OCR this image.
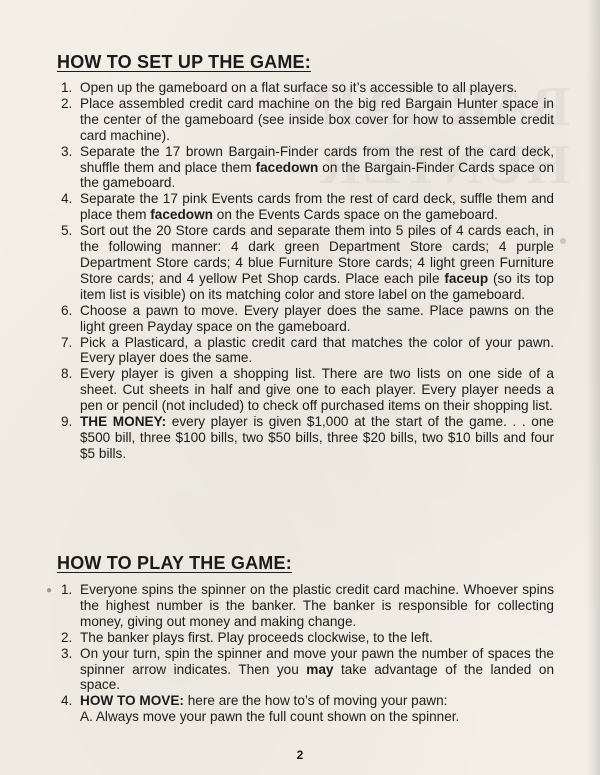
HOW TO SET UP THE GAME:
1. Open up the gameboard on a flat surface so it’s accessible to all players.
2. Place assembled credit card machine on the big red Bargain Hunter space in the center of the gameboard (see inside box cover for how to assemble credit card machine).
3. Separate the 17 brown Bargain-Finder cards from the rest of the card deck, shuffle them and place them facedown on the Bargain-Finder Cards space on the gameboard.
4. Separate the 17 pink Events cards from the rest of card deck, suffle them and place them facedown on the Events Cards space on the gameboard.
5. Sort out the 20 Store cards and separate them into 5 piles of 4 cards each, in the following manner: 4 dark green Department Store cards; 4 purple Department Store cards; 4 blue Furniture Store cards; 4 light green Furniture Store cards; and 4 yellow Pet Shop cards. Place each pile faceup (so its top item list is visible) on its matching color and store label on the gameboard.
6. Choose a pawn to move. Every player does the same. Place pawns on the light green Payday space on the gameboard.
7. Pick a Plasticard, a plastic credit card that matches the color of your pawn. Every player does the same.
8. Every player is given a shopping list. There are two lists on one side of a sheet. Cut sheets in half and give one to each player. Every player needs a pen or pencil (not included) to check off purchased items on their shopping list.
9. THE MONEY: every player is given $1,000 at the start of the game. . . one $500 bill, three $100 bills, two $50 bills, three $20 bills, two $10 bills and four $5 bills.
HOW TO PLAY THE GAME:
● 1. Everyone spins the spinner on the plastic credit card machine. Whoever spins the highest number is the banker. The banker is responsible for collecting money, giving out money and making change.
2. The banker plays first. Play proceeds clockwise, to the left.
3. On your turn, spin the spinner and move your pawn the number of spaces the spinner arrow indicates. Then you may take advantage of the landed on space.
4. HOW TO MOVE: here are the how to’s of moving your pawn:
A. Always move your pawn the full count shown on the spinner.
2
